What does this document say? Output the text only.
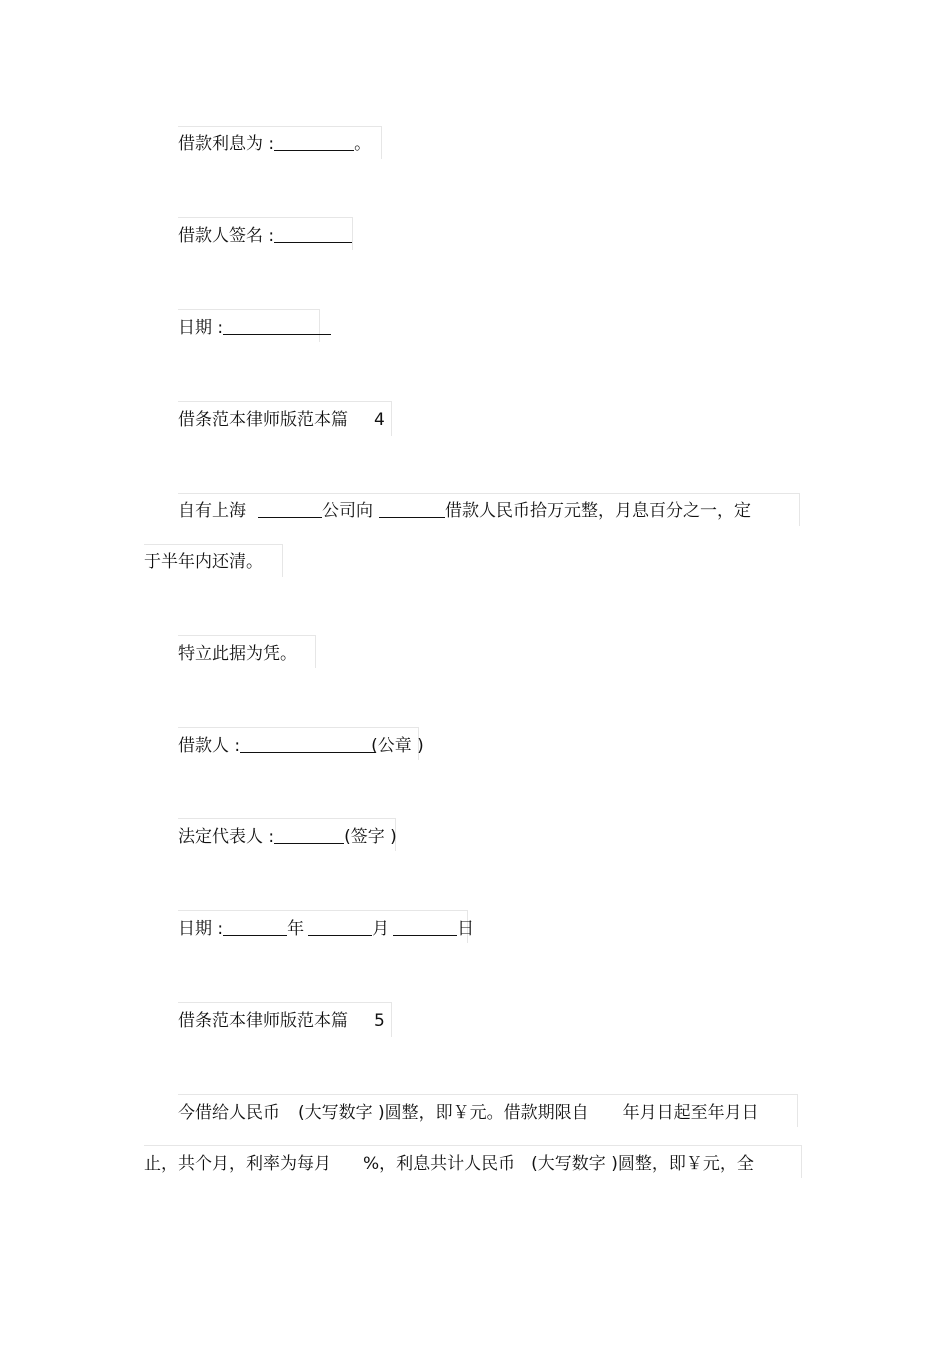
借款利息为 :	。
借款人签名 :
日期 :
借条范本律师版范本篇 4
自有上海	公司向	借款人民币拾万元整，月息百分之一，定
于半年内还清。
特立此据为凭。
借款人 :	(公章 )
法定代表人 :	(签字 )
日期 :	年	月	日
借条范本律师版范本篇 5
今借给人民币 (大写数字 )圆整，即￥元。借款期限自 年月日起至年月日
止，共个月，利率为每月 %，利息共计人民币 (大写数字 )圆整，即￥元，全
